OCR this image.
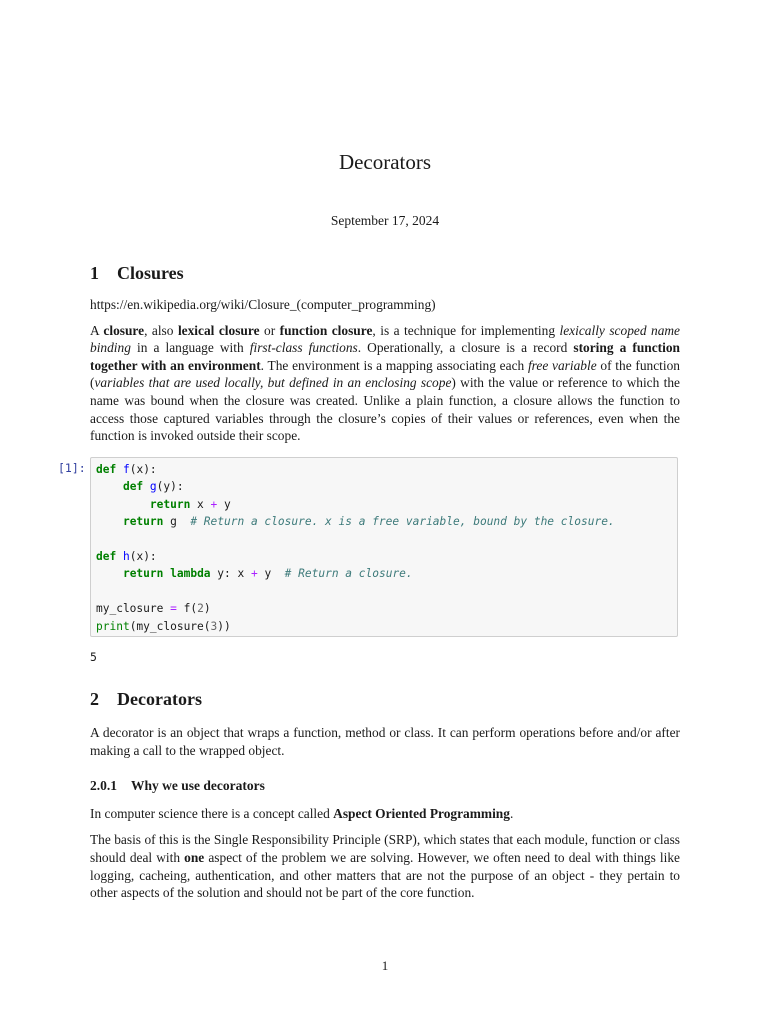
Decorators
September 17, 2024
1 Closures

https://en.wikipedia.org/wiki/Closure_(computer_programming)

A closure, also lexical closure or function closure, is a technique for implementing lexically scoped name binding in a language with first-class functions. Operationally, a closure is a record storing a function together with an environment. The environment is a mapping associating each free variable of the function (variables that are used locally, but defined in an enclosing scope) with the value or reference to which the name was bound when the closure was created. Unlike a plain function, a closure allows the function to access those captured variables through the closure’s copies of their values or references, even when the function is invoked outside their scope.

[1]: def f(x):
def g(y):
return x + y
return g  # Return a closure. x is a free variable, bound by the closure.

def h(x):
return lambda y: x + y  # Return a closure.

my_closure = f(2)
print(my_closure(3))
5
2 Decorators

A decorator is an object that wraps a function, method or class. It can perform operations before and/or after making a call to the wrapped object.

2.0.1 Why we use decorators

In computer science there is a concept called Aspect Oriented Programming.

The basis of this is the Single Responsibility Principle (SRP), which states that each module, function or class should deal with one aspect of the problem we are solving. However, we often need to deal with things like logging, cacheing, authentication, and other matters that are not the purpose of an object - they pertain to other aspects of the solution and should not be part of the core function.

1
